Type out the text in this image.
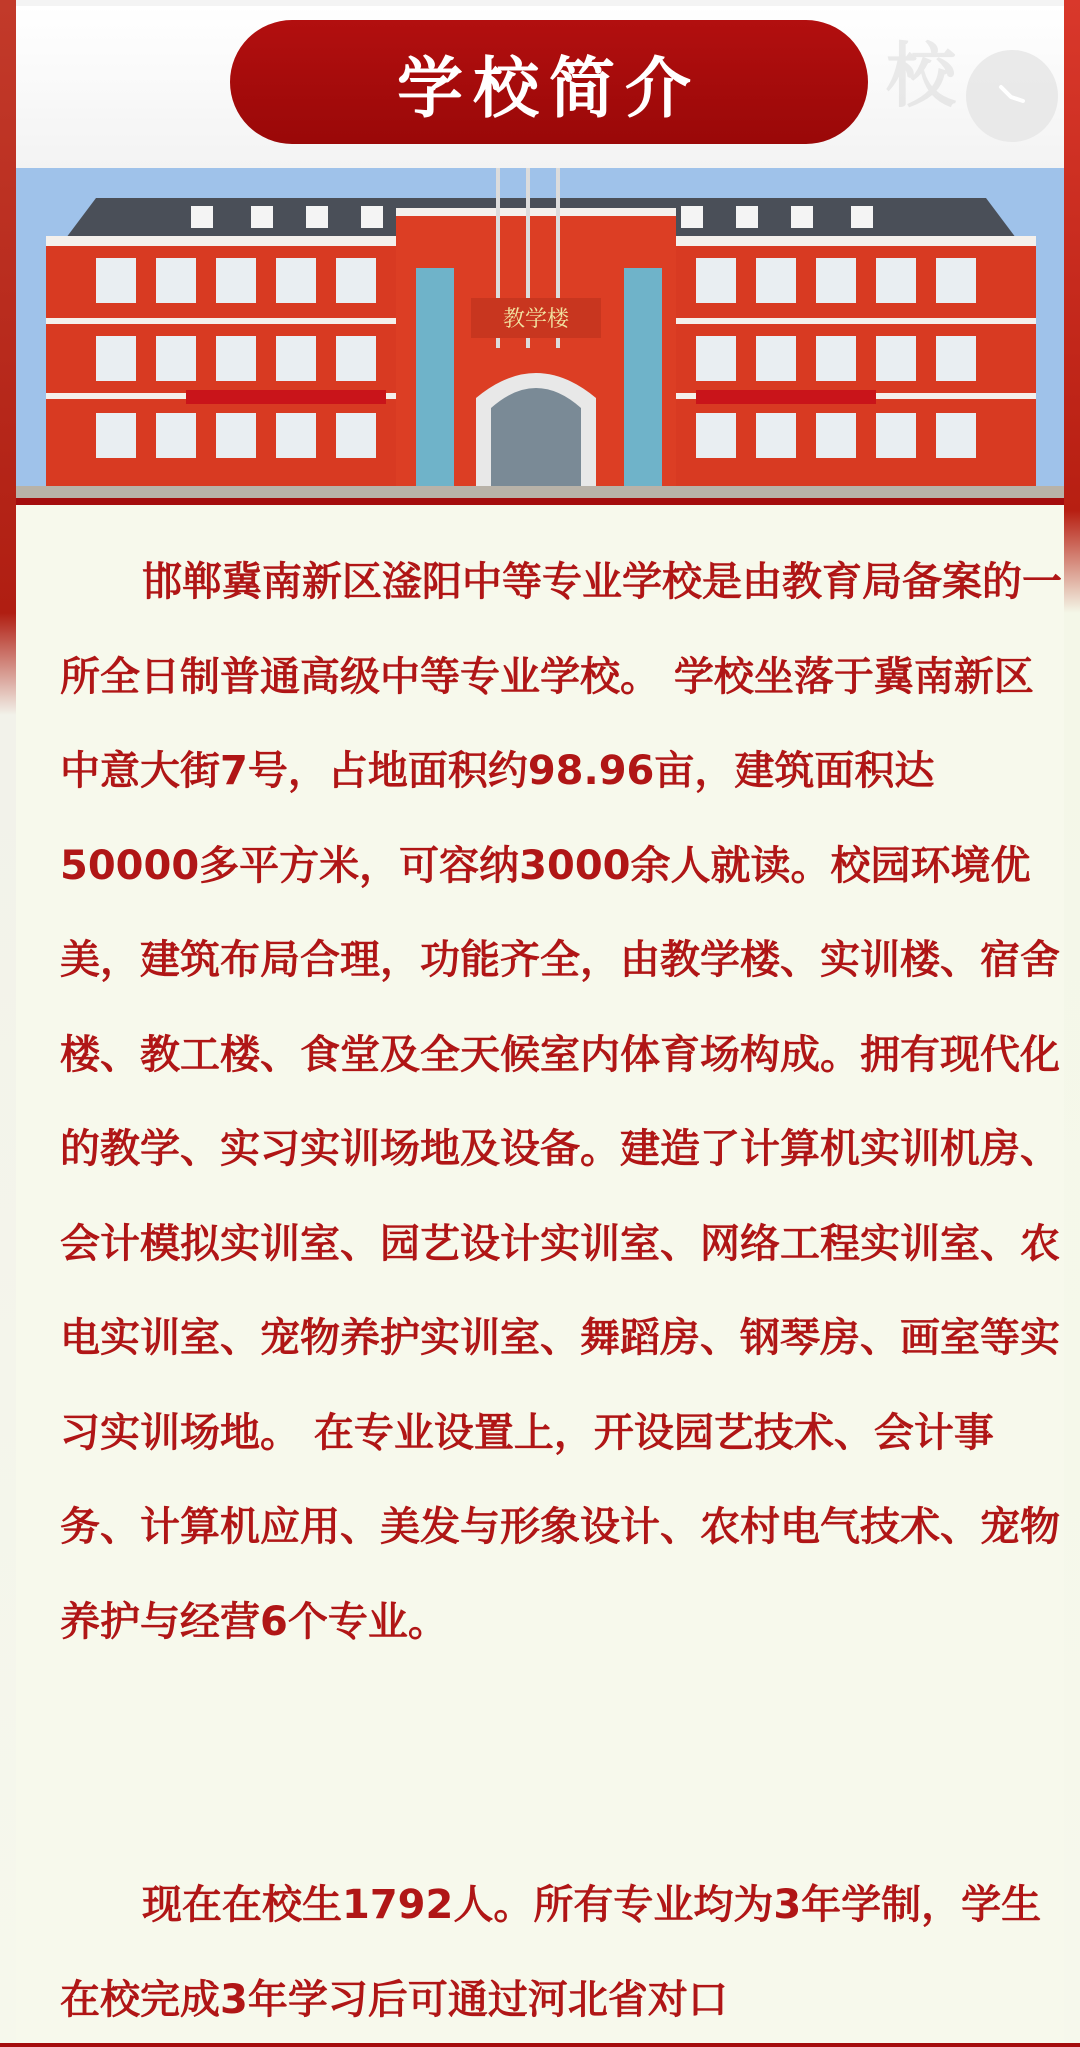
校
学校简介
教学楼

邯郸冀南新区滏阳中等专业学校是由教育局备案的一所全日制普通高级中等专业学校。 学校坐落于冀南新区中意大街7号，占地面积约98.96亩，建筑面积达50000多平方米，可容纳3000余人就读。校园环境优美，建筑布局合理，功能齐全，由教学楼、实训楼、宿舍楼、教工楼、食堂及全天候室内体育场构成。拥有现代化的教学、实习实训场地及设备。建造了计算机实训机房、会计模拟实训室、园艺设计实训室、网络工程实训室、农电实训室、宠物养护实训室、舞蹈房、钢琴房、画室等实习实训场地。 在专业设置上，开设园艺技术、会计事务、计算机应用、美发与形象设计、农村电气技术、宠物养护与经营6个专业。

现在在校生1792人。所有专业均为3年学制，学生在校完成3年学习后可通过河北省对口
